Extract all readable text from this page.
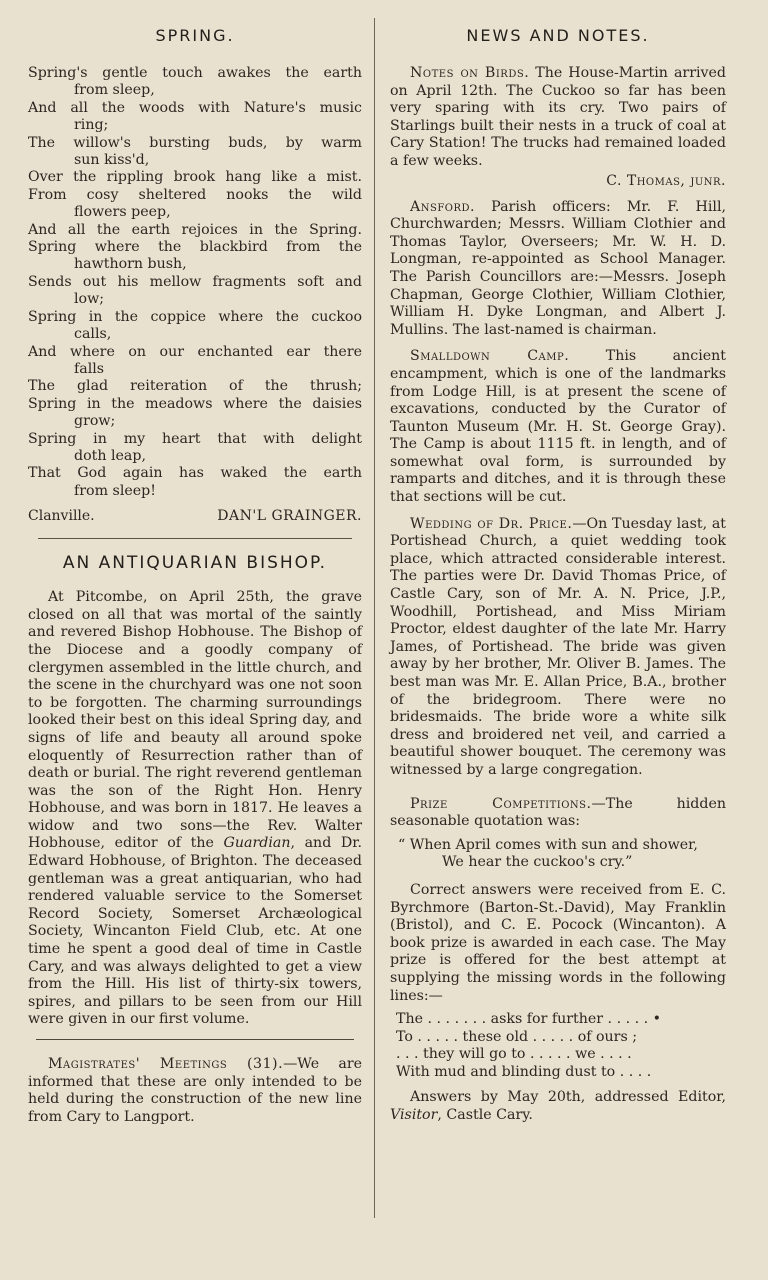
SPRING.
Spring's gentle touch awakes the earth
from sleep,
And all the woods with Nature's music
ring;
The willow's bursting buds, by warm
sun kiss'd,
Over the rippling brook hang like a mist.
From cosy sheltered nooks the wild
flowers peep,
And all the earth rejoices in the Spring.
Spring where the blackbird from the
hawthorn bush,
Sends out his mellow fragments soft and
low;
Spring in the coppice where the cuckoo
calls,
And where on our enchanted ear there
falls
The glad reiteration of the thrush;
Spring in the meadows where the daisies
grow;
Spring in my heart that with delight
doth leap,
That God again has waked the earth
from sleep!
Clanville.	DAN'L GRAINGER.
AN ANTIQUARIAN BISHOP.

At Pitcombe, on April 25th, the grave closed on all that was mortal of the saintly and revered Bishop Hobhouse. The Bishop of the Diocese and a goodly company of clergymen assembled in the little church, and the scene in the churchyard was one not soon to be forgotten. The charming surroundings looked their best on this ideal Spring day, and signs of life and beauty all around spoke eloquently of Resurrection rather than of death or burial. The right reverend gentleman was the son of the Right Hon. Henry Hobhouse, and was born in 1817. He leaves a widow and two sons—the Rev. Walter Hobhouse, editor of the Guardian, and Dr. Edward Hobhouse, of Brighton. The deceased gentleman was a great antiquarian, who had rendered valuable service to the Somerset Record Society, Somerset Archæological Society, Wincanton Field Club, etc. At one time he spent a good deal of time in Castle Cary, and was always delighted to get a view from the Hill. His list of thirty-six towers, spires, and pillars to be seen from our Hill were given in our first volume.

Magistrates' Meetings (31).—We are informed that these are only intended to be held during the construction of the new line from Cary to Langport.

NEWS AND NOTES.

Notes on Birds. The House-Martin arrived on April 12th. The Cuckoo so far has been very sparing with its cry. Two pairs of Starlings built their nests in a truck of coal at Cary Station! The trucks had remained loaded a few weeks.

C. Thomas, junr.

Ansford. Parish officers: Mr. F. Hill, Churchwarden; Messrs. William Clothier and Thomas Taylor, Overseers; Mr. W. H. D. Longman, re-appointed as School Manager. The Parish Councillors are:—Messrs. Joseph Chapman, George Clothier, William Clothier, William H. Dyke Longman, and Albert J. Mullins. The last-named is chairman.

Smalldown Camp. This ancient encampment, which is one of the landmarks from Lodge Hill, is at present the scene of excavations, conducted by the Curator of Taunton Museum (Mr. H. St. George Gray). The Camp is about 1115 ft. in length, and of somewhat oval form, is surrounded by ramparts and ditches, and it is through these that sections will be cut.

Wedding of Dr. Price.—On Tuesday last, at Portishead Church, a quiet wedding took place, which attracted considerable interest. The parties were Dr. David Thomas Price, of Castle Cary, son of Mr. A. N. Price, J.P., Woodhill, Portishead, and Miss Miriam Proctor, eldest daughter of the late Mr. Harry James, of Portishead. The bride was given away by her brother, Mr. Oliver B. James. The best man was Mr. E. Allan Price, B.A., brother of the bridegroom. There were no bridesmaids. The bride wore a white silk dress and broidered net veil, and carried a beautiful shower bouquet. The ceremony was witnessed by a large congregation.

Prize Competitions.—The hidden seasonable quotation was:

“ When April comes with sun and shower,
We hear the cuckoo's cry.”

Correct answers were received from E. C. Byrchmore (Barton-St.-David), May Franklin (Bristol), and C. E. Pocock (Wincanton). A book prize is awarded in each case. The May prize is offered for the best attempt at supplying the missing words in the following lines:—

The . . . . . . . asks for further . . . . . •
To . . . . . these old . . . . . of ours ;
. . . they will go to . . . . . we . . . .
With mud and blinding dust to . . . .

Answers by May 20th, addressed Editor, Visitor, Castle Cary.
